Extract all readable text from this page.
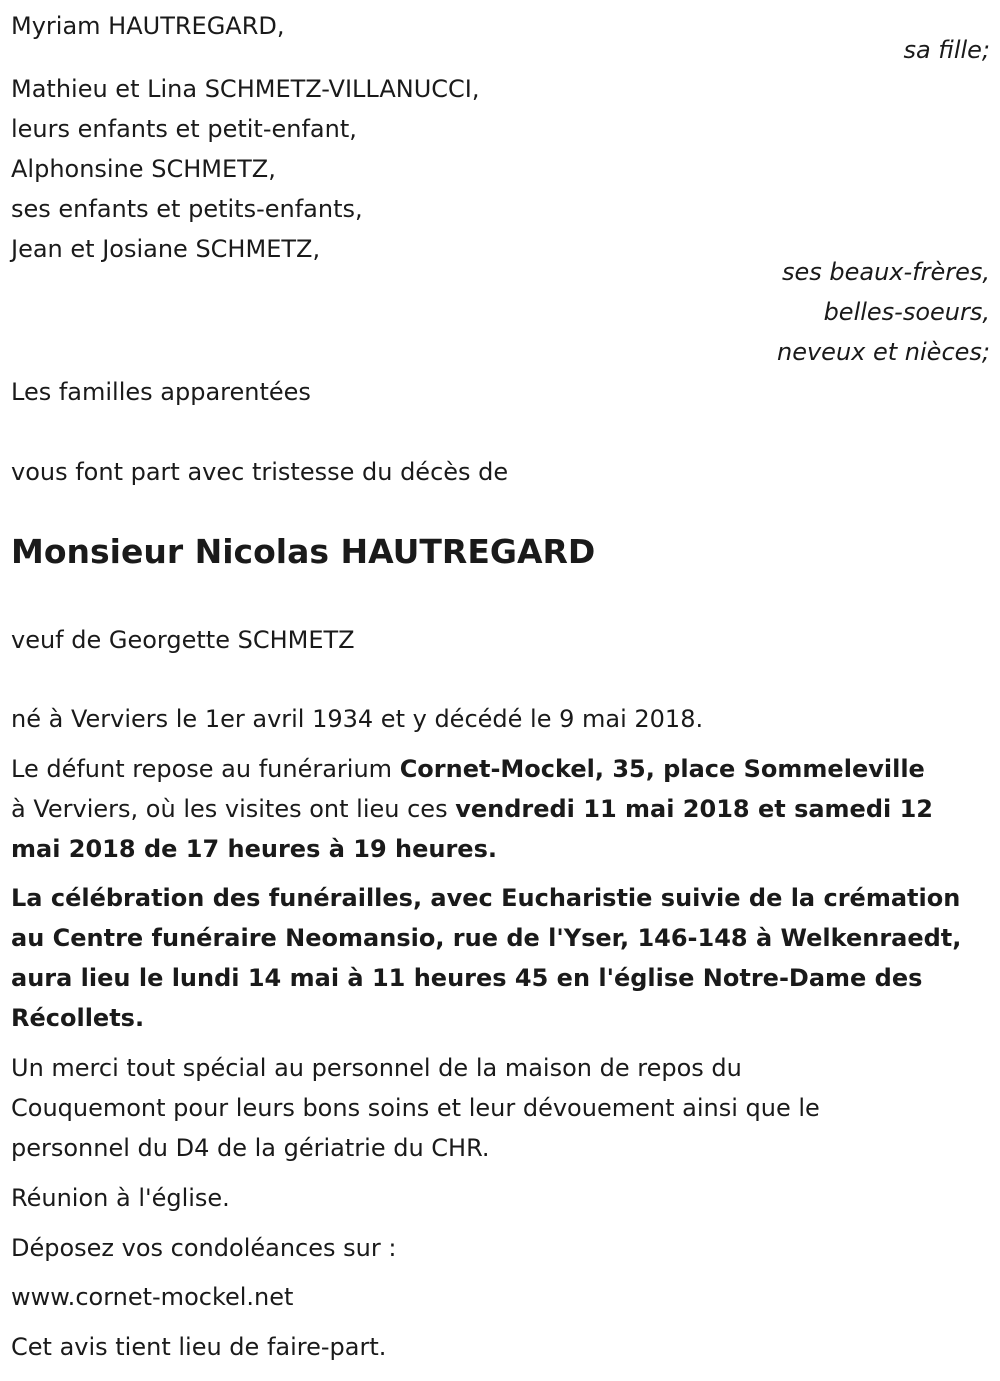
Myriam HAUTREGARD,

sa fille;

Mathieu et Lina SCHMETZ-VILLANUCCI,

leurs enfants et petit-enfant,

Alphonsine SCHMETZ,

ses enfants et petits-enfants,

Jean et Josiane SCHMETZ,

ses beaux-frères,

belles-soeurs,

neveux et nièces;

Les familles apparentées

vous font part avec tristesse du décès de

Monsieur Nicolas HAUTREGARD

veuf de Georgette SCHMETZ

né à Verviers le 1er avril 1934 et y décédé le 9 mai 2018.

Le défunt repose au funérarium Cornet-Mockel, 35, place Sommeleville

à Verviers, où les visites ont lieu ces vendredi 11 mai 2018 et samedi 12

mai 2018 de 17 heures à 19 heures.

La célébration des funérailles, avec Eucharistie suivie de la crémation

au Centre funéraire Neomansio, rue de l'Yser, 146-148 à Welkenraedt,

aura lieu le lundi 14 mai à 11 heures 45 en l'église Notre-Dame des

Récollets.

Un merci tout spécial au personnel de la maison de repos du

Couquemont pour leurs bons soins et leur dévouement ainsi que le

personnel du D4 de la gériatrie du CHR.

Réunion à l'église.

Déposez vos condoléances sur :

www.cornet-mockel.net

Cet avis tient lieu de faire-part.
